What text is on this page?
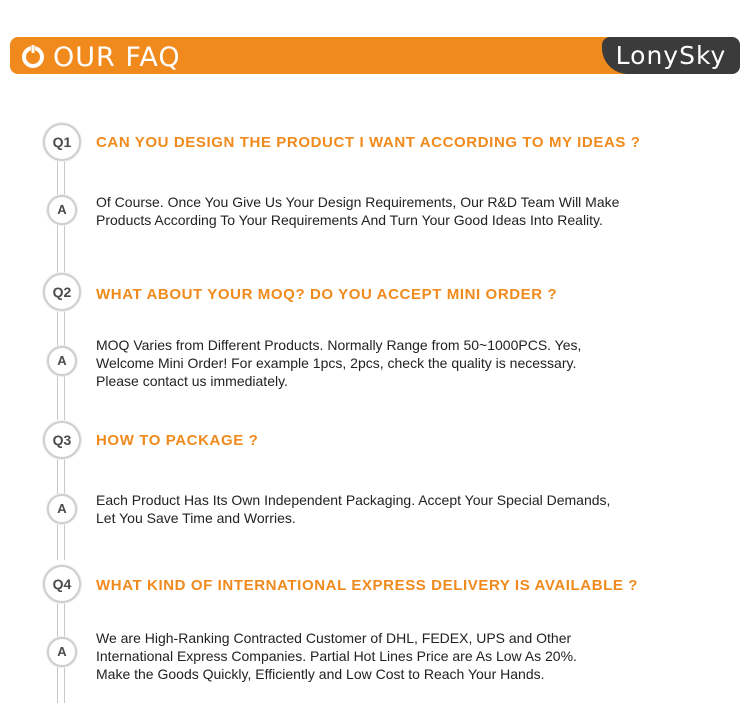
OUR FAQ	LonySky
Q1	CAN YOU DESIGN THE PRODUCT I WANT ACCORDING TO MY IDEAS ?
A	Of Course. Once You Give Us Your Design Requirements, Our R&D Team Will Make
Products According To Your Requirements And Turn Your Good Ideas Into Reality.
Q2	WHAT ABOUT YOUR MOQ? DO YOU ACCEPT MINI ORDER ?
A
MOQ Varies from Different Products. Normally Range from 50~1000PCS. Yes,
Welcome Mini Order! For example 1pcs, 2pcs, check the quality is necessary.
Please contact us immediately.
Q3	HOW TO PACKAGE ?
A
Each Product Has Its Own Independent Packaging. Accept Your Special Demands,
Let You Save Time and Worries.
Q4	WHAT KIND OF INTERNATIONAL EXPRESS DELIVERY IS AVAILABLE ?
A
We are High-Ranking Contracted Customer of DHL, FEDEX, UPS and Other
International Express Companies. Partial Hot Lines Price are As Low As 20%.
Make the Goods Quickly, Efficiently and Low Cost to Reach Your Hands.
